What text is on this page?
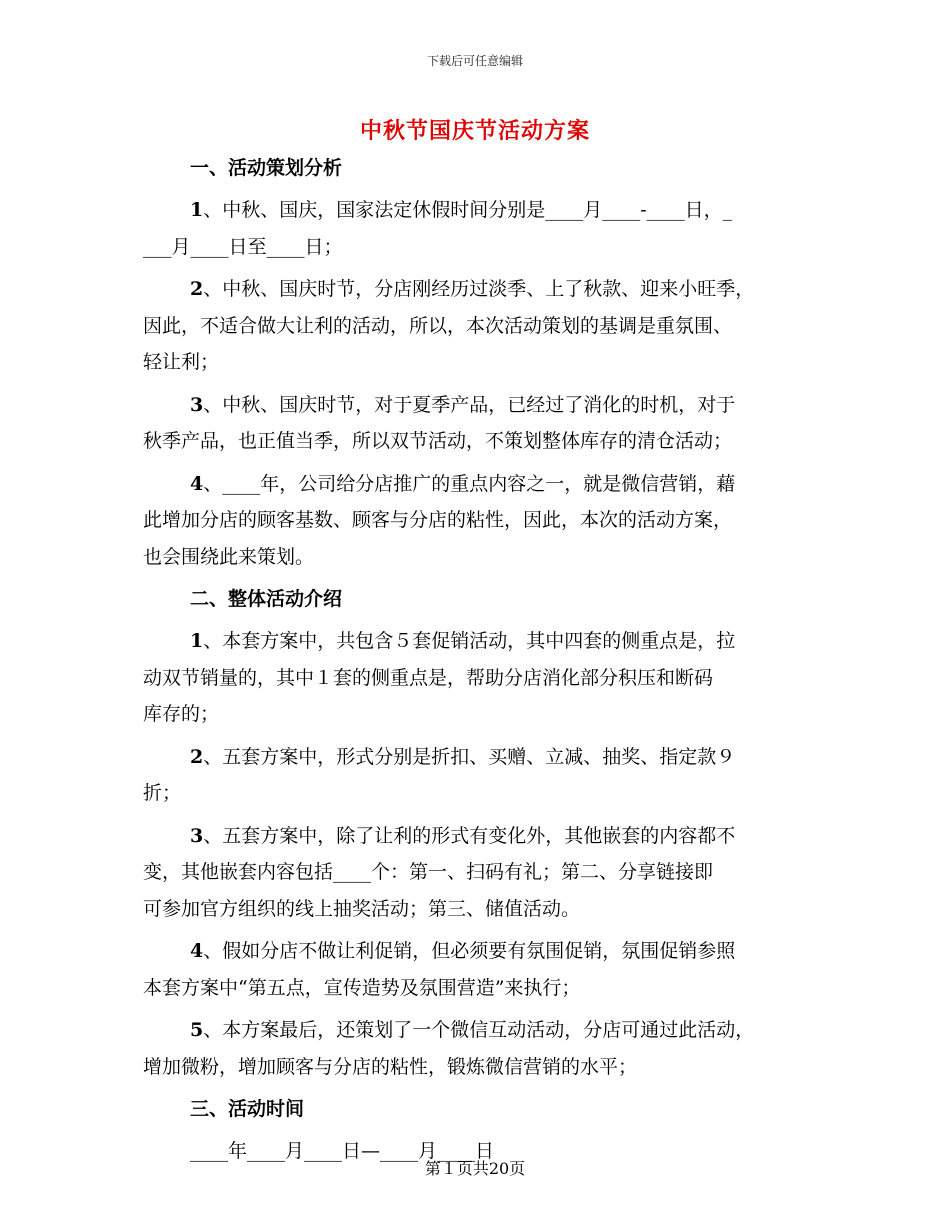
下载后可任意编辑
中秋节国庆节活动方案
一、活动策划分析
1、中秋、国庆，国家法定休假时间分别是____月____-____日，_
___月____日至____日；
2、中秋、国庆时节，分店刚经历过淡季、上了秋款、迎来小旺季，
因此，不适合做大让利的活动，所以，本次活动策划的基调是重氛围、
轻让利；
3、中秋、国庆时节，对于夏季产品，已经过了消化的时机，对于
秋季产品，也正值当季，所以双节活动，不策划整体库存的清仓活动；
4、____年，公司给分店推广的重点内容之一，就是微信营销，藉
此增加分店的顾客基数、顾客与分店的粘性，因此，本次的活动方案，
也会围绕此来策划。
二、整体活动介绍
1、本套方案中，共包含５套促销活动，其中四套的侧重点是，拉
动双节销量的，其中１套的侧重点是，帮助分店消化部分积压和断码
库存的；
2、五套方案中，形式分别是折扣、买赠、立减、抽奖、指定款９
折；
3、五套方案中，除了让利的形式有变化外，其他嵌套的内容都不
变，其他嵌套内容包括____个：第一、扫码有礼；第二、分享链接即
可参加官方组织的线上抽奖活动；第三、储值活动。
4、假如分店不做让利促销，但必须要有氛围促销，氛围促销参照
本套方案中“第五点，宣传造势及氛围营造”来执行；
5、本方案最后，还策划了一个微信互动活动，分店可通过此活动，
增加微粉，增加顾客与分店的粘性，锻炼微信营销的水平；
三、活动时间
____年____月____日—____月____日
第１页共20页
